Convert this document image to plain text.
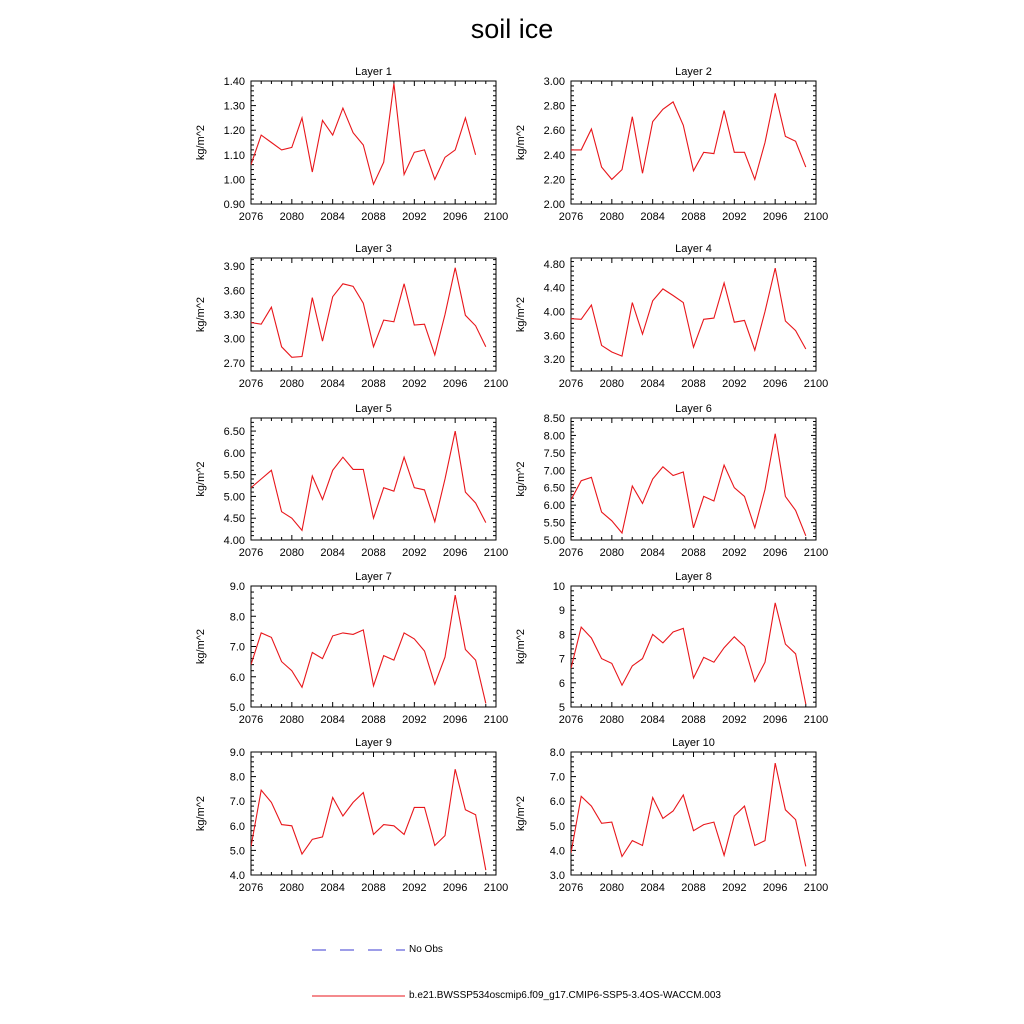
soil ice
Layer 1
kg/m^2
2076 2080 2084 2088 2092 2096 2100
0.90
1.00
1.10
1.20
1.30
1.40
Layer 2
kg/m^2
2076 2080 2084 2088 2092 2096 2100
2.00
2.20
2.40
2.60
2.80
3.00
Layer 3
kg/m^2
2076 2080 2084 2088 2092 2096 2100
2.70
3.00
3.30
3.60
3.90
Layer 4
kg/m^2
2076 2080 2084 2088 2092 2096 2100
3.20
3.60
4.00
4.40
4.80
Layer 5
kg/m^2
2076 2080 2084 2088 2092 2096 2100
4.00
4.50
5.00
5.50
6.00
6.50
Layer 6
kg/m^2
2076 2080 2084 2088 2092 2096 2100
5.00
5.50
6.00
6.50
7.00
7.50
8.00
8.50
Layer 7
kg/m^2
2076 2080 2084 2088 2092 2096 2100
5.0
6.0
7.0
8.0
9.0
Layer 8
kg/m^2
2076 2080 2084 2088 2092 2096 2100
5
6
7
8
9
10
Layer 9
kg/m^2
2076 2080 2084 2088 2092 2096 2100
4.0
5.0
6.0
7.0
8.0
9.0
Layer 10
kg/m^2
2076 2080 2084 2088 2092 2096 2100
3.0
4.0
5.0
6.0
7.0
8.0
No Obs
b.e21.BWSSP534oscmip6.f09_g17.CMIP6-SSP5-3.4OS-WACCM.003
